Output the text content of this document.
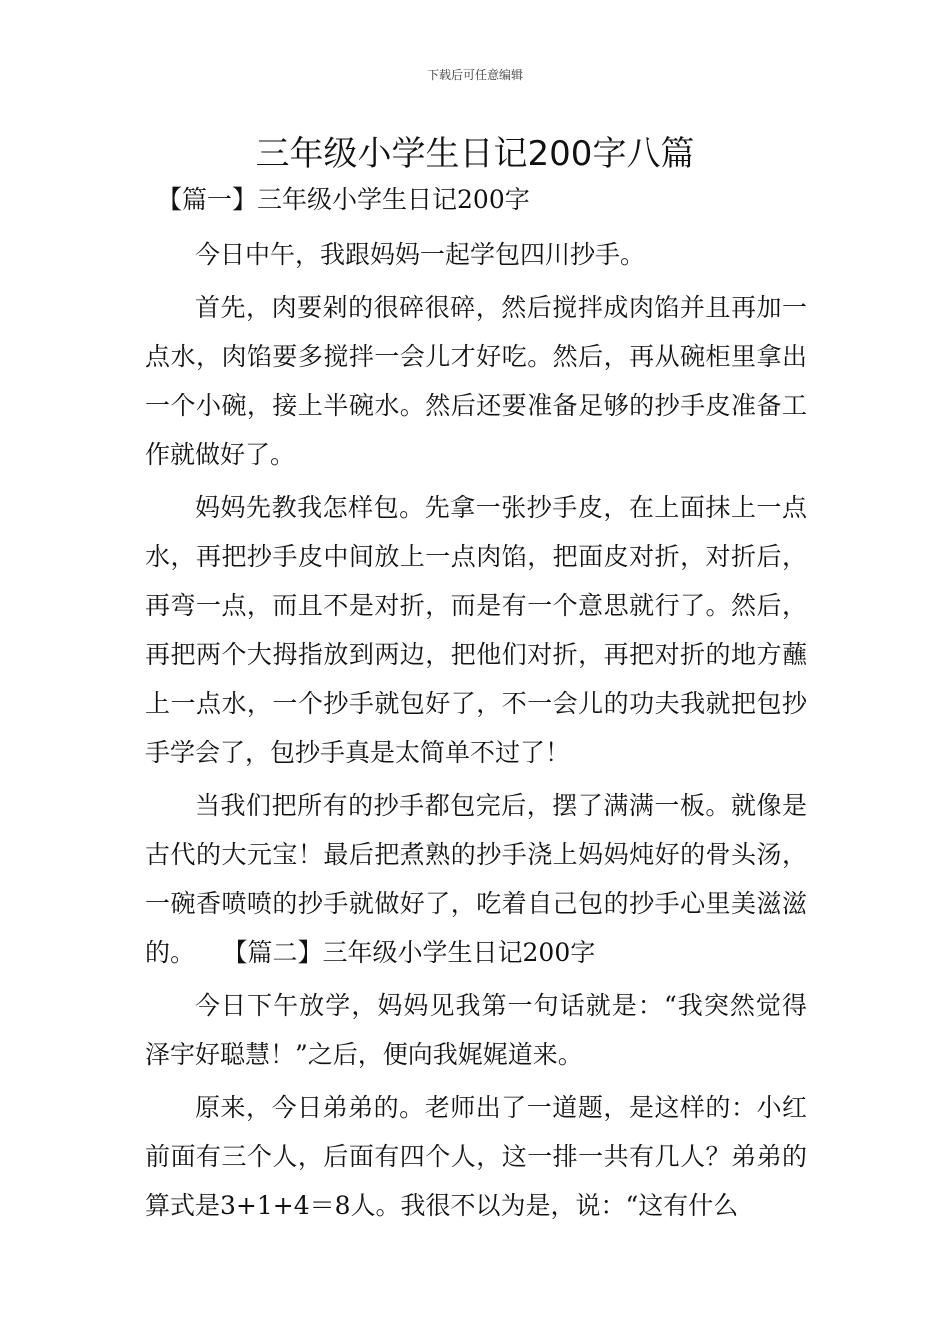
下载后可任意编辑
三年级小学生日记200字八篇
【篇一】三年级小学生日记200字

今日中午，我跟妈妈一起学包四川抄手。

首先，肉要剁的很碎很碎，然后搅拌成肉馅并且再加一点水，肉馅要多搅拌一会儿才好吃。然后，再从碗柜里拿出一个小碗，接上半碗水。然后还要准备足够的抄手皮准备工作就做好了。

妈妈先教我怎样包。先拿一张抄手皮，在上面抹上一点水，再把抄手皮中间放上一点肉馅，把面皮对折，对折后，再弯一点，而且不是对折，而是有一个意思就行了。然后，再把两个大拇指放到两边，把他们对折，再把对折的地方蘸上一点水，一个抄手就包好了，不一会儿的功夫我就把包抄手学会了，包抄手真是太简单不过了！

当我们把所有的抄手都包完后，摆了满满一板。就像是古代的大元宝！最后把煮熟的抄手浇上妈妈炖好的骨头汤，一碗香喷喷的抄手就做好了，吃着自己包的抄手心里美滋滋的。 【篇二】三年级小学生日记200字

今日下午放学，妈妈见我第一句话就是：“我突然觉得泽宇好聪慧！”之后，便向我娓娓道来。

原来，今日弟弟的。老师出了一道题，是这样的：小红前面有三个人，后面有四个人，这一排一共有几人？弟弟的算式是3+1+4＝8人。我很不以为是，说：“这有什么
